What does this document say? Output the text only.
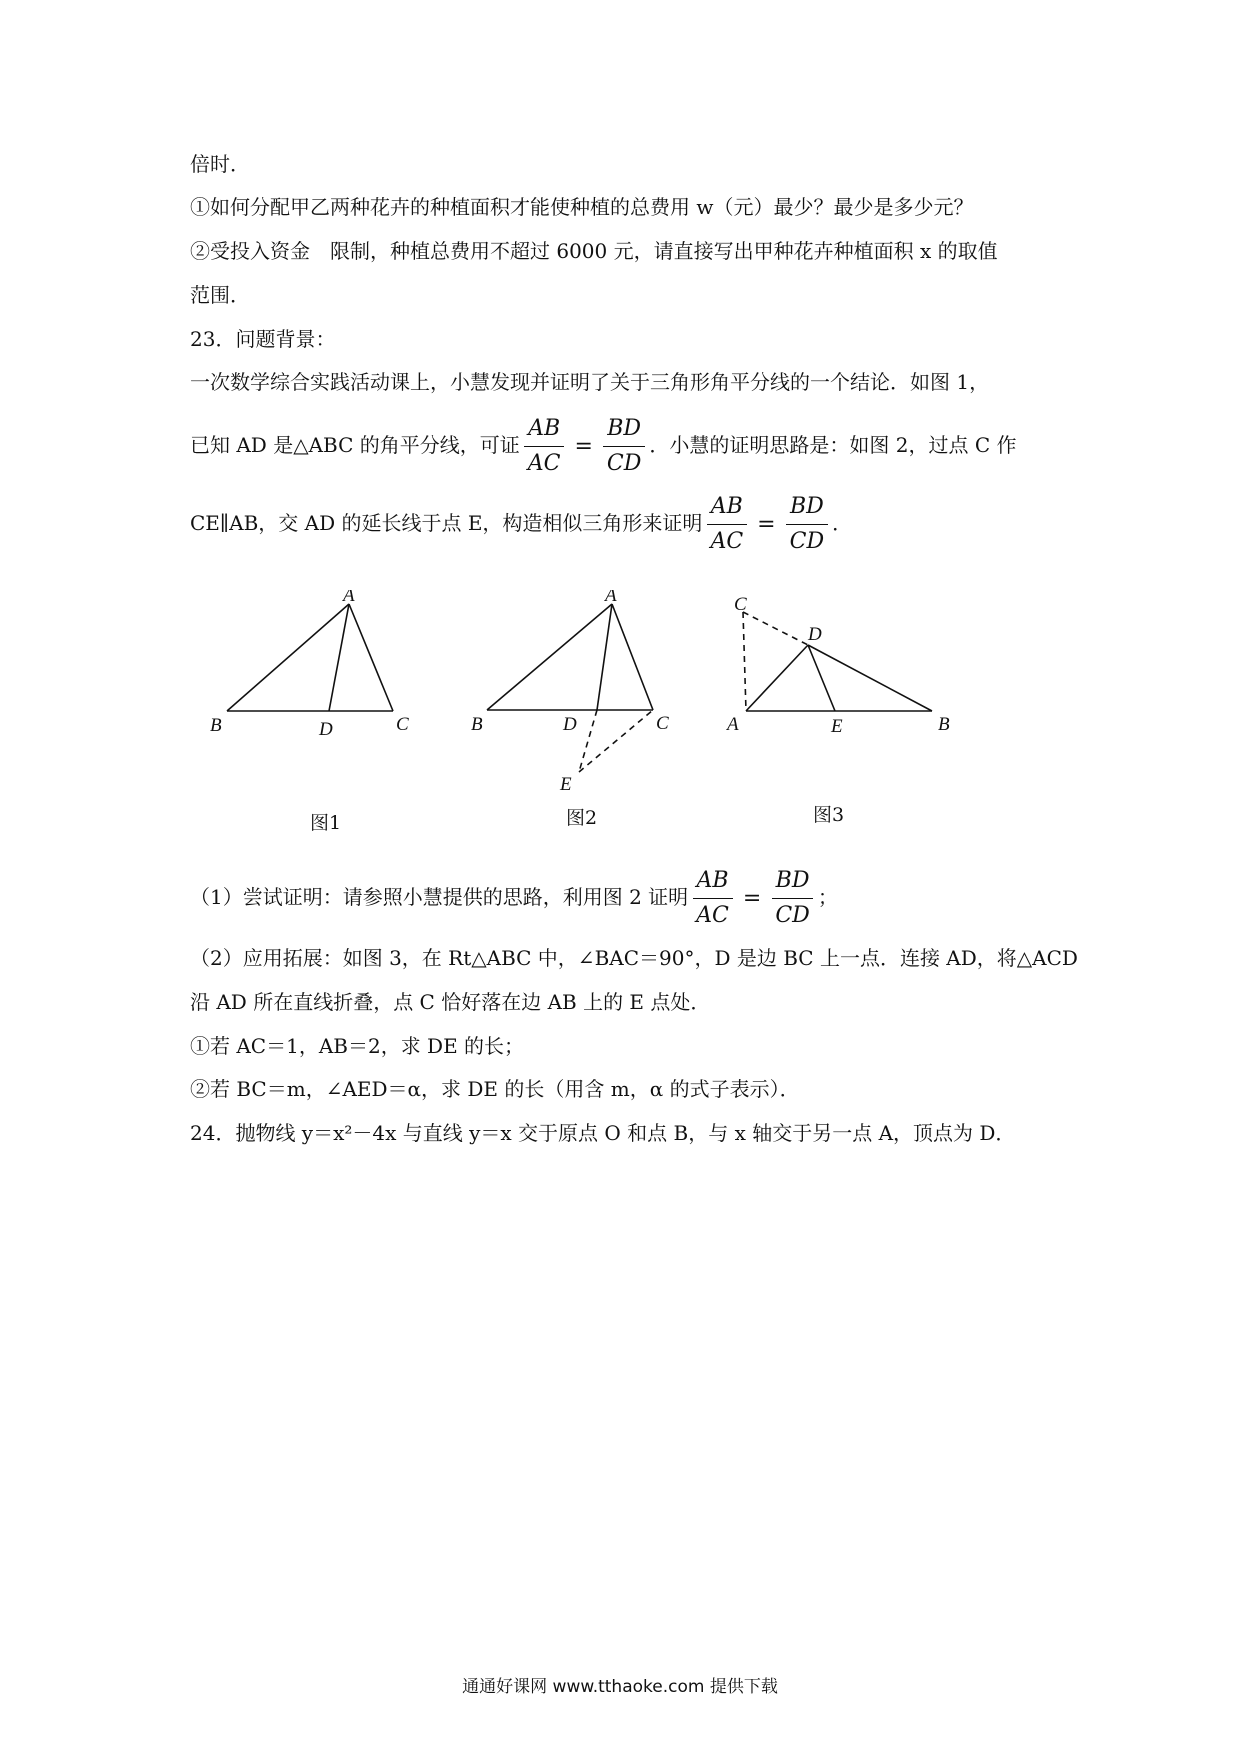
倍时．
①如何分配甲乙两种花卉的种植面积才能使种植的总费用 w（元）最少？最少是多少元？
②受投入资金　限制，种植总费用不超过 6000 元，请直接写出甲种花卉种植面积 x 的取值
范围．
23．问题背景：
一次数学综合实践活动课上，小慧发现并证明了关于三角形角平分线的一个结论．如图 1，
已知 AD 是△ABC 的角平分线，可证 $\frac{AB}{AC} = \frac{BD}{CD}$ ．小慧的证明思路是：如图 2，过点 C 作
CE∥AB，交 AD 的延长线于点 E，构造相似三角形来证明 $\frac{AB}{AC} = \frac{BD}{CD}$ ．
A
B	C
D
图1
A
B	C
D
E
图2
C
D
A	E	B
图3
（1）尝试证明：请参照小慧提供的思路，利用图 2 证明 $\frac{AB}{AC} = \frac{BD}{CD}$ ；
（2）应用拓展：如图 3，在 Rt△ABC 中，∠BAC＝90°，D 是边 BC 上一点．连接 AD，将△ACD
沿 AD 所在直线折叠，点 C 恰好落在边 AB 上的 E 点处．
①若 AC＝1，AB＝2，求 DE 的长；
②若 BC＝m，∠AED＝α，求 DE 的长（用含 m，α 的式子表示）．
24．抛物线 y＝x²－4x 与直线 y＝x 交于原点 O 和点 B，与 x 轴交于另一点 A，顶点为 D．
通通好课网 www.tthaoke.com 提供下载
